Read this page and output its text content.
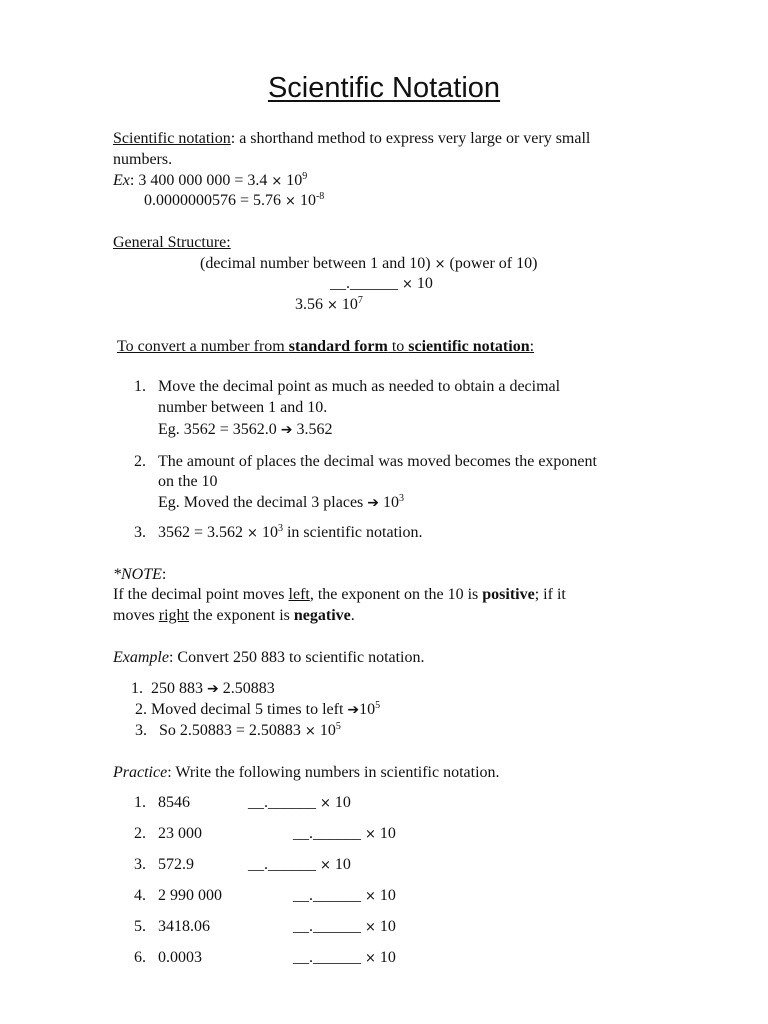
Scientific Notation
Scientific notation: a shorthand method to express very large or very small
numbers.
Ex: 3 400 000 $000 = 3.4 \times 10^9$
$0.0000000576 = 5.76 \times 10^{-8}$
General Structure:
(decimal number between 1 and 10) × (power of 10)
__.______ × 10
$3.56 \times 10^7$
To convert a number from standard form to scientific notation:
1. Move the decimal point as much as needed to obtain a decimal
number between 1 and 10.
Eg. 3562 = 3562.0 ➔ 3.562
2. The amount of places the decimal was moved becomes the exponent
on the 10
Eg. Moved the decimal 3 places ➔ $10^3$
3. $3562 = 3.562 \times 10^3$ in scientific notation.
*NOTE:
If the decimal point moves left, the exponent on the 10 is positive; if it
moves right the exponent is negative.
Example: Convert 250 883 to scientific notation.
1. 250 883 ➔ 2.50883
2. Moved decimal 5 times to left $➔10^5$
3. So $2.50883 = 2.50883 \times 10^5$
Practice: Write the following numbers in scientific notation.
1. 8546	__.______ × 10
2. 23 000	__.______ × 10
3. 572.9	__.______ × 10
4. 2 990 000	__.______ × 10
5. 3418.06	__.______ × 10
6. 0.0003	__.______ × 10
